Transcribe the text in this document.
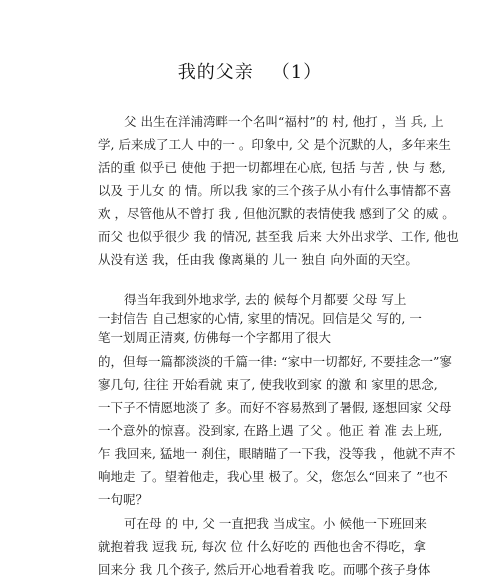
我的父亲 （1）
父 出生在洋浦湾畔一个名叫“福村”的 村, 他打 ，当 兵, 上
学, 后来成了工人 中的一 。印象中, 父 是个沉默的人，多年来生
活的重 似乎已 使他 于把一切都埋在心底, 包括 与苦 , 快 与 愁,
以及 于儿女 的 情。所以我 家的三个孩子从小有什么事情都不喜
欢 ，尽管他从不曾打 我 , 但他沉默的表情使我 感到了父 的威 。
而父 也似乎很少 我 的情况, 甚至我 后来 大外出求学、工作, 他也
从没有送 我，任由我 像离巢的 儿一 独自 向外面的天空。
得当年我到外地求学, 去的 候每个月都要 父母 写上
一封信告 自己想家的心情, 家里的情况。回信是父 写的, 一
笔一划周正清爽, 仿佛每一个字都用了很大
的，但每一篇都淡淡的千篇一律: “家中一切都好, 不要挂念一”寥
寥几句, 往往 开始看就 束了, 使我收到家 的激 和 家里的思念,
一下子不情愿地淡了 多。而好不容易熬到了暑假, 逐想回家 父母
一个意外的惊喜。没到家, 在路上遇 了父 。他正 着 准 去上班,
乍 我回来, 猛地一 刹住，眼睛瞄了一下我，没等我 ，他就不声不
响地走 了。望着他走，我心里 极了。父，您怎么“回来了 ”也不
一句呢？
可在母 的 中, 父 一直把我 当成宝。小 候他一下班回来
就抱着我 逗我 玩, 每次 位 什么好吃的 西他也舍不得吃，拿
回来分 我 几个孩子, 然后开心地看着我 吃。而哪个孩子身体
